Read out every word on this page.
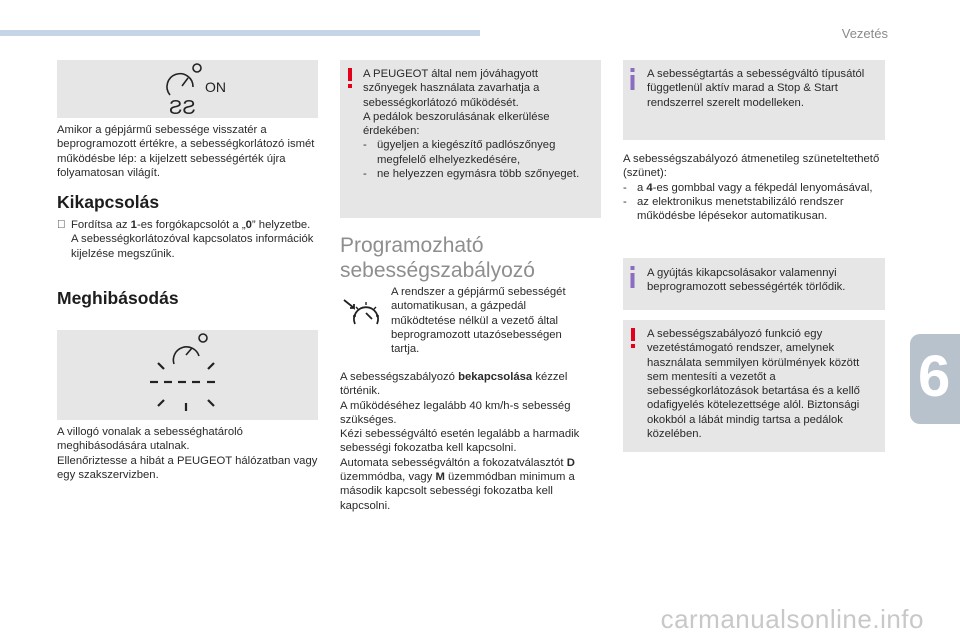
Vezetés
ON
ƧƧ

Amikor a gépjármű sebessége visszatér a beprogramozott értékre, a sebességkorlátozó ismét működésbe lép: a kijelzett sebességérték újra folyamatosan világít.

Kikapcsolás
Fordítsa az 1-es forgókapcsolót a „0” helyzetbe. A sebességkorlátozóval kapcsolatos információk kijelzése megszűnik.
Meghibásodás

A villogó vonalak a sebességhatároló meghibásodására utalnak.

Ellenőriztesse a hibát a PEUGEOT hálózatban vagy egy szakszervizben.

A PEUGEOT által nem jóváhagyott szőnyegek használata zavarhatja a sebességkorlátozó működését.

A pedálok beszorulásának elkerülése érdekében:

- ügyeljen a kiegészítő padlószőnyeg megfelelő elhelyezkedésére,
- ne helyezzen egymásra több szőnyeget.
Programozható sebességszabályozó

A rendszer a gépjármű sebességét automatikusan, a gázpedál működtetése nélkül a vezető által beprogramozott utazósebességen tartja.

A sebességszabályozó bekapcsolása kézzel történik.

A működéséhez legalább 40 km/h-s sebesség szükséges.

Kézi sebességváltó esetén legalább a harmadik sebességi fokozatba kell kapcsolni.

Automata sebességváltón a fokozatválasztót D üzemmódba, vagy M üzemmódban minimum a második kapcsolt sebességi fokozatba kell kapcsolni.

A sebességtartás a sebességváltó típusától függetlenül aktív marad a Stop & Start rendszerrel szerelt modelleken.

A sebességszabályozó átmenetileg szüneteltethető (szünet):

- a 4-es gombbal vagy a fékpedál lenyomásával,
- az elektronikus menetstabilizáló rendszer működésbe lépésekor automatikusan.

A gyújtás kikapcsolásakor valamennyi beprogramozott sebességérték törlődik.

A sebességszabályozó funkció egy vezetéstámogató rendszer, amelynek használata semmilyen körülmények között sem mentesíti a vezetőt a sebességkorlátozások betartása és a kellő odafigyelés kötelezettsége alól. Biztonsági okokból a lábát mindig tartsa a pedálok közelében.

6
carmanualsonline.info
